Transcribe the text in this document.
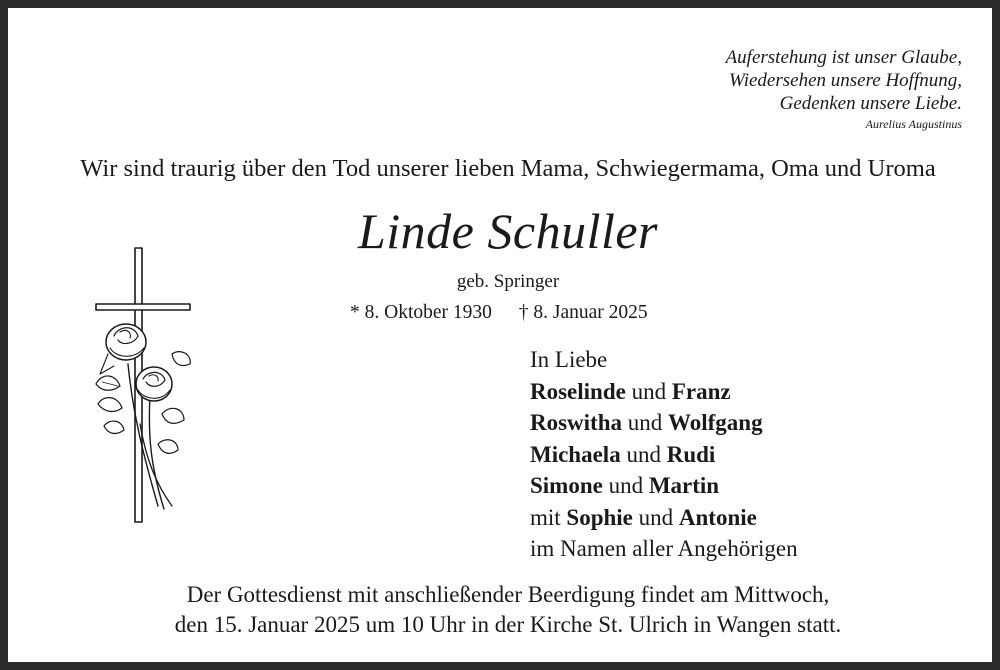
Auferstehung ist unser Glaube,
Wiedersehen unsere Hoffnung,
Gedenken unsere Liebe.
Aurelius Augustinus
Wir sind traurig über den Tod unserer lieben Mama, Schwiegermama, Oma und Uroma
Linde Schuller
geb. Springer
* 8. Oktober 1930 † 8. Januar 2025
In Liebe
Roselinde und Franz
Roswitha und Wolfgang
Michaela und Rudi
Simone und Martin
mit Sophie und Antonie
im Namen aller Angehörigen
Der Gottesdienst mit anschließender Beerdigung findet am Mittwoch,
den 15. Januar 2025 um 10 Uhr in der Kirche St. Ulrich in Wangen statt.
